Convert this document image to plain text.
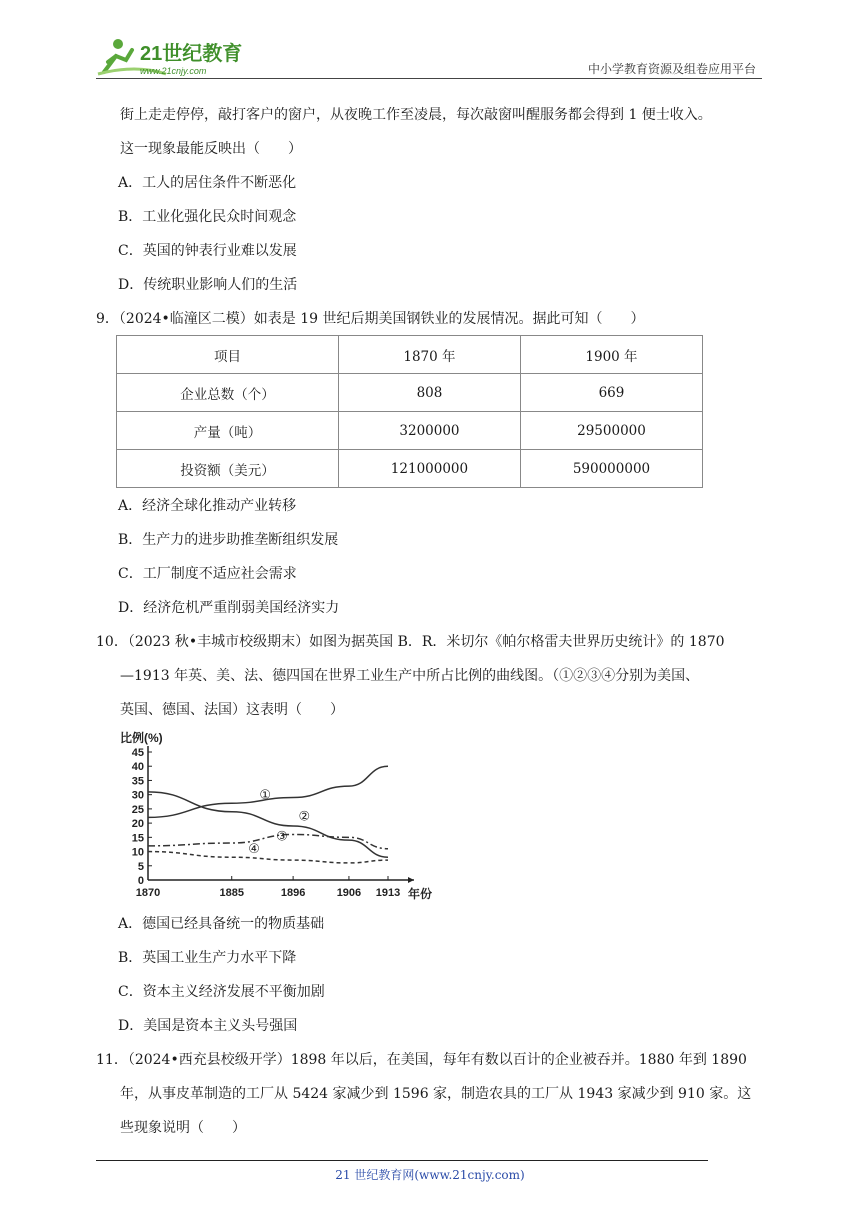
21世纪教育
www.21cnjy.com	中小学教育资源及组卷应用平台
街上走走停停，敲打客户的窗户，从夜晚工作至凌晨，每次敲窗叫醒服务都会得到 1 便士收入。
这一现象最能反映出（　　）
A．工人的居住条件不断恶化
B．工业化强化民众时间观念
C．英国的钟表行业难以发展
D．传统职业影响人们的生活
9．（2024•临潼区二模）如表是 19 世纪后期美国钢铁业的发展情况。据此可知（　　）
项目	1870 年	1900 年
企业总数（个）	808	669
产量（吨）	3200000	29500000
投资额（美元）	121000000	590000000
A．经济全球化推动产业转移
B．生产力的进步助推垄断组织发展
C．工厂制度不适应社会需求
D．经济危机严重削弱美国经济实力
10．（2023 秋•丰城市校级期末）如图为据英国 B．R．米切尔《帕尔格雷夫世界历史统计》的 1870
—1913 年英、美、法、德四国在世界工业生产中所占比例的曲线图。（①②③④分别为美国、
英国、德国、法国）这表明（　　）
比例(%)
年份
0
5
10
15
20
25
30
35
40
45
1870	1885	1896	1906 1913
①
②
③
④
A．德国已经具备统一的物质基础
B．英国工业生产力水平下降
C．资本主义经济发展不平衡加剧
D．美国是资本主义头号强国
11．（2024•西充县校级开学）1898 年以后，在美国，每年有数以百计的企业被吞并。1880 年到 1890
年，从事皮革制造的工厂从 5424 家减少到 1596 家，制造农具的工厂从 1943 家减少到 910 家。这
些现象说明（　　）
21 世纪教育网(www.21cnjy.com)
